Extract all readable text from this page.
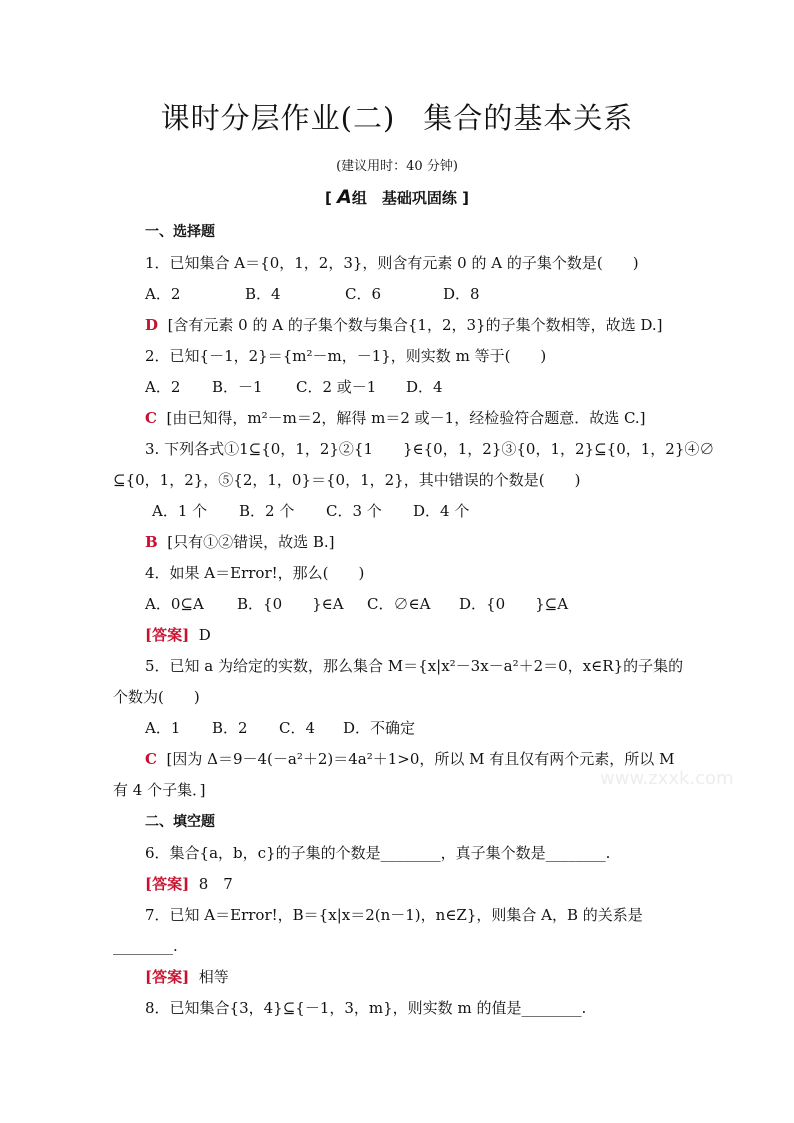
课时分层作业(二) 集合的基本关系
(建议用时：40 分钟)
[ A组　基础巩固练 ]
一、选择题
1．已知集合 A＝{0，1，2，3}，则含有元素 0 的 A 的子集个数是(　　)
A．2	B．4	C．6	D．8
D [含有元素 0 的 A 的子集个数与集合{1，2，3}的子集个数相等，故选 D.]
2．已知{－1，2}＝{m²－m，－1}，则实数 m 等于(　　)
A．2 B．－1 C．2 或－1 D．4
C [由已知得，m²－m＝2，解得 m＝2 或－1，经检验符合题意．故选 C.]
3. 下列各式①1⊆{0，1，2}②{1　　}∈{0，1，2}③{0，1，2}⊆{0，1，2}④∅
⊆{0，1，2}，⑤{2，1，0}＝{0，1，2}，其中错误的个数是(　　)
A．1 个 B．2 个 C．3 个 D．4 个
B [只有①②错误，故选 B.]
4．如果 A＝Error!，那么(　　)
A．0⊆A B．{0　　}∈A C．∅∈A D．{0　　}⊆A
[答案] D
5．已知 a 为给定的实数，那么集合 M＝{x|x²－3x－a²＋2＝0，x∈R}的子集的
个数为(　　)
A．1 B．2 C．4 D．不确定
C [因为 Δ＝9－4(－a²＋2)＝4a²＋1>0，所以 M 有且仅有两个元素，所以 M
有 4 个子集．]
二、填空题
6．集合{a，b，c}的子集的个数是________，真子集个数是________.
[答案] 8　7
7．已知 A＝Error!，B＝{x|x＝2(n－1)，n∈Z}，则集合 A，B 的关系是
________.
[答案] 相等
8．已知集合{3，4}⊆{－1，3，m}，则实数 m 的值是________.
www.zxxk.com
